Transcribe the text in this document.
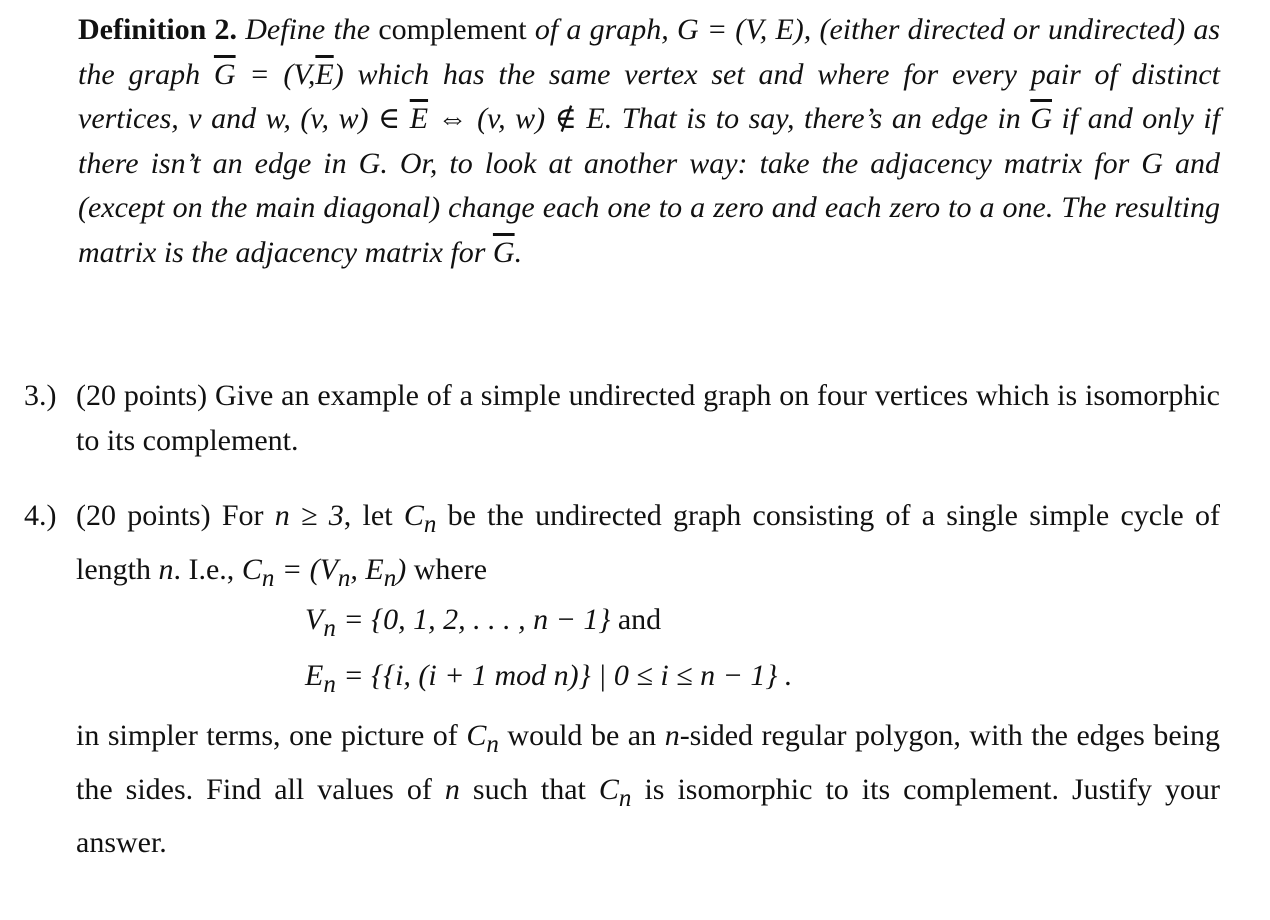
Definition 2. Define the complement of a graph, G = (V, E), (either directed or undirected) as the graph $\overline{G} = (V,\overline{E})$ which has the same vertex set and where for every pair of distinct vertices, v and w, (v, w) ∈ $\overline{E}$ ⇔ (v, w) ∉ E. That is to say, there’s an edge in $\overline{G}$ if and only if there isn’t an edge in G. Or, to look at another way: take the adjacency matrix for G and (except on the main diagonal) change each one to a zero and each zero to a one. The resulting matrix is the adjacency matrix for $\overline{G}$.
3.) (20 points) Give an example of a simple undirected graph on four vertices which is isomorphic to its complement.
4.) (20 points) For n ≥ 3, let $C_n$ be the undirected graph consisting of a single simple cycle of length n. I.e., $C_n = (V_n$, $E_n$) where
$V_n = \{0$, 1, 2, . . . , n − 1} and
$E_n = \{\{i$, (i + 1 mod n)} | 0 ≤ i ≤ n − 1} .
in simpler terms, one picture of $C_n$ would be an n-sided regular polygon, with the edges being the sides. Find all values of n such that $C_n$ is isomorphic to its complement. Justify your answer.
